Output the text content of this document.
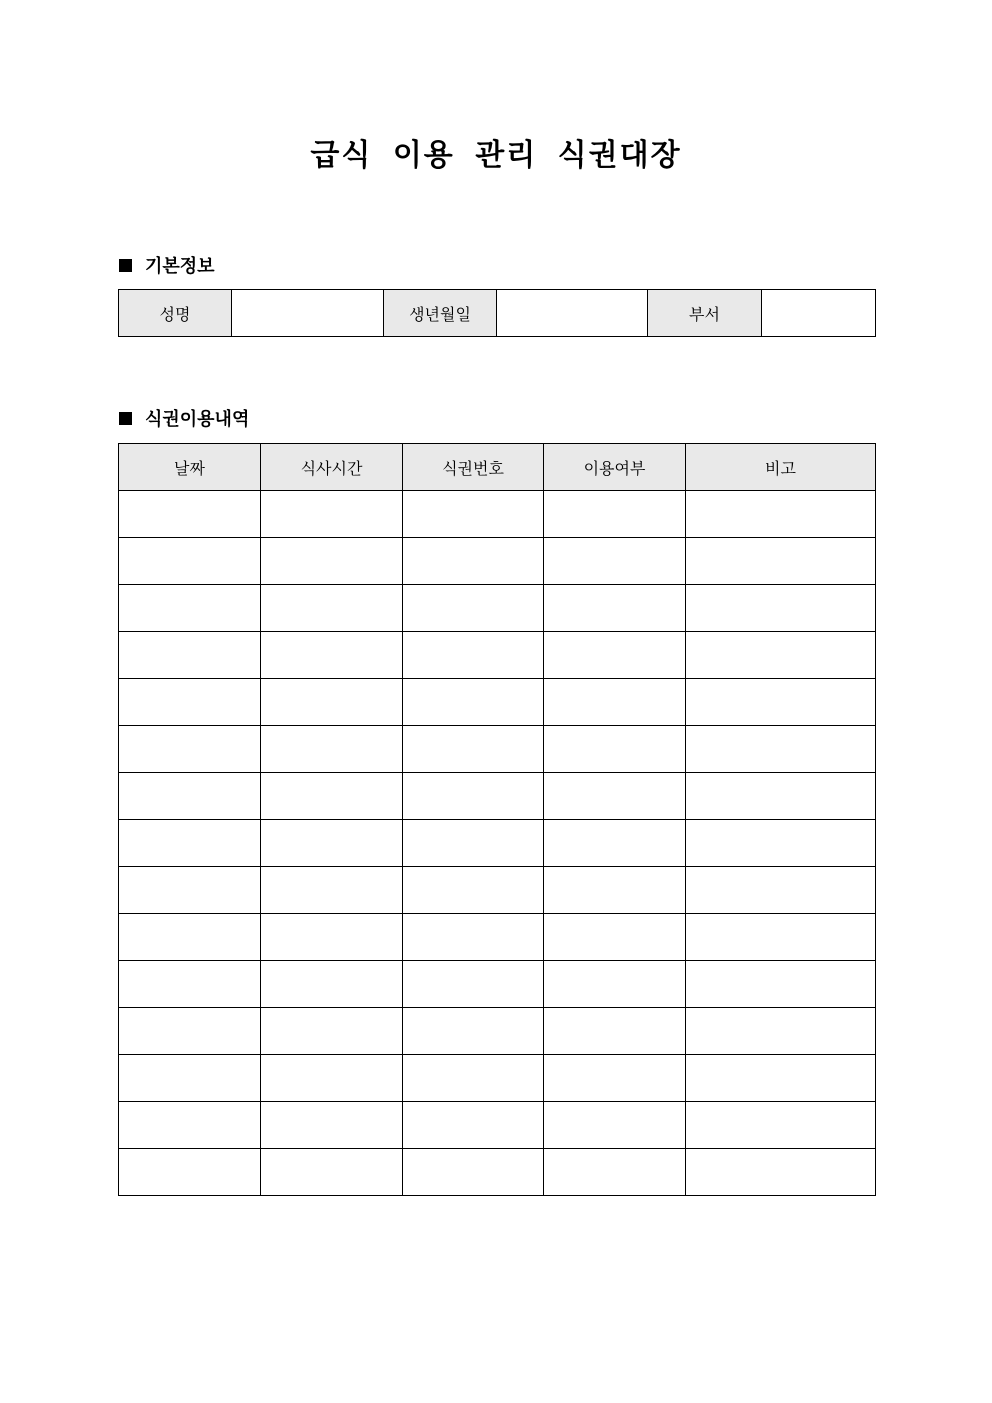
급식 이용 관리 식권대장
기본정보
성명		생년월일		부서	
식권이용내역
날짜	식사시간	식권번호	이용여부	비고
